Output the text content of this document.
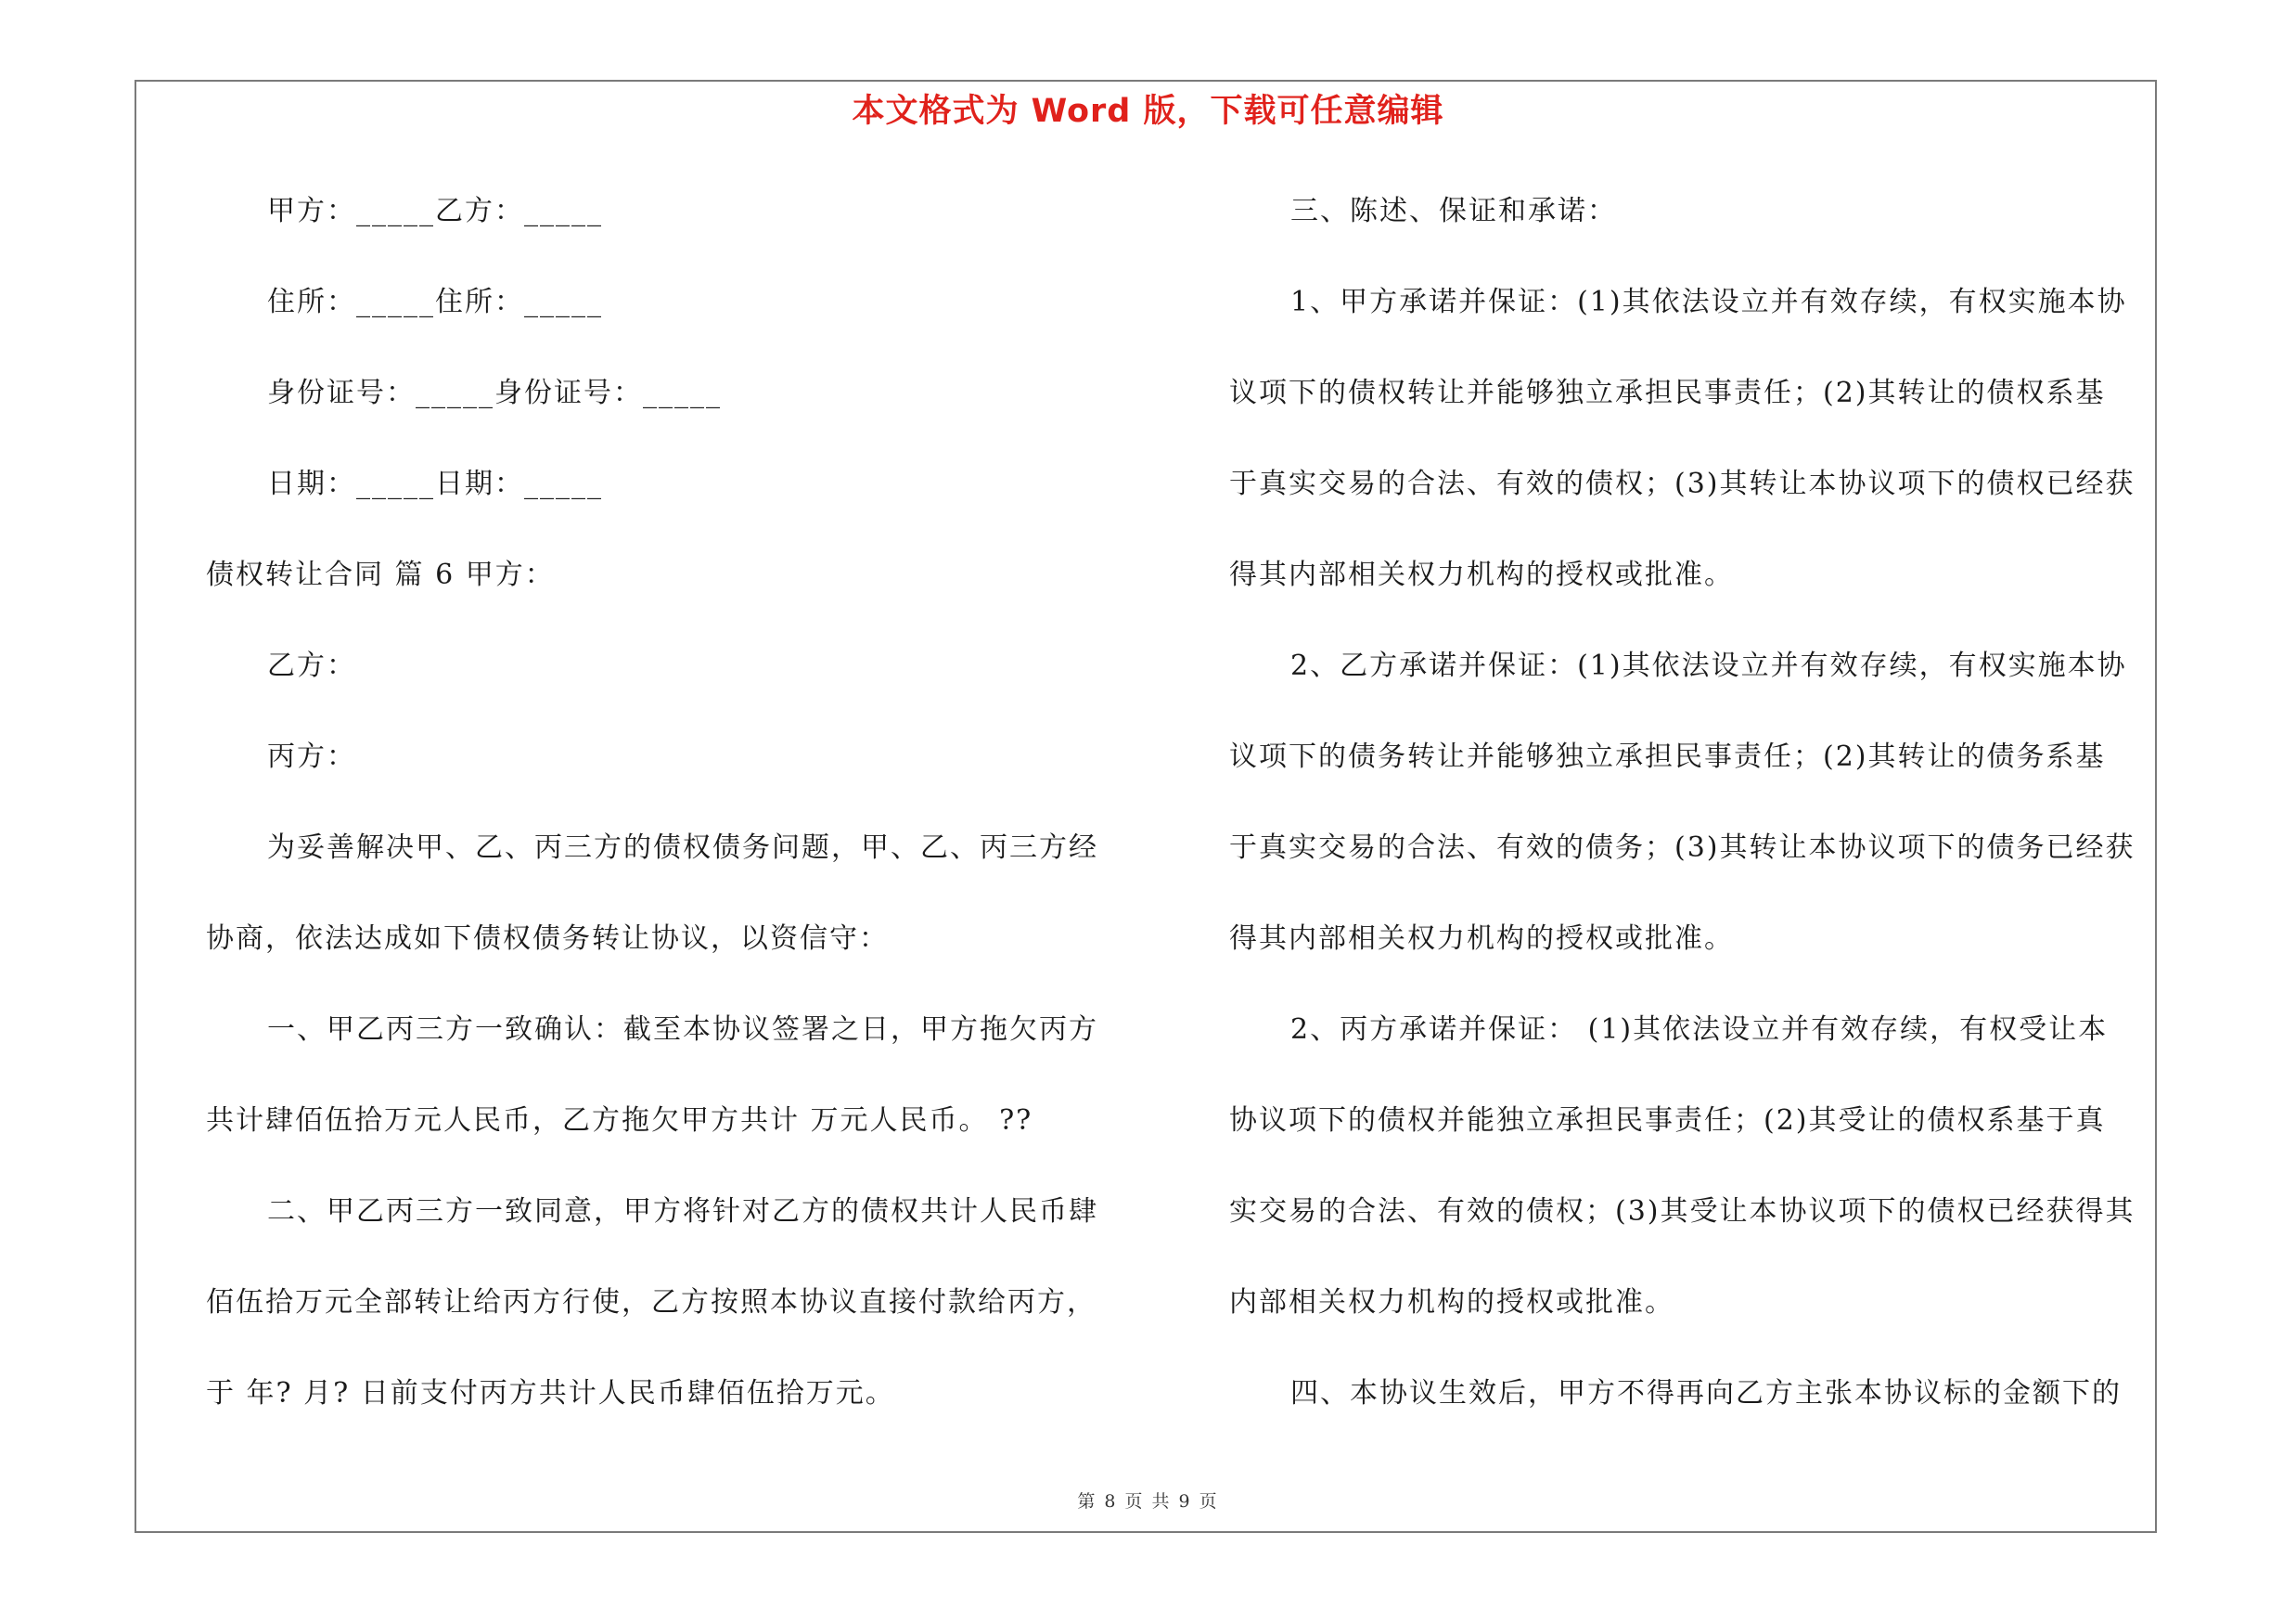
本文格式为 Word 版，下载可任意编辑
甲方：_____乙方：_____
住所：_____住所：_____
身份证号：_____身份证号：_____
日期：_____日期：_____
债权转让合同 篇 6 甲方：
乙方：
丙方：
为妥善解决甲、乙、丙三方的债权债务问题，甲、乙、丙三方经
协商，依法达成如下债权债务转让协议，以资信守：
一、甲乙丙三方一致确认：截至本协议签署之日，甲方拖欠丙方
共计肆佰伍拾万元人民币，乙方拖欠甲方共计 万元人民币。 ??
二、甲乙丙三方一致同意，甲方将针对乙方的债权共计人民币肆
佰伍拾万元全部转让给丙方行使，乙方按照本协议直接付款给丙方，
于 年? 月? 日前支付丙方共计人民币肆佰伍拾万元。
三、陈述、保证和承诺：
1、甲方承诺并保证：(1)其依法设立并有效存续，有权实施本协
议项下的债权转让并能够独立承担民事责任；(2)其转让的债权系基
于真实交易的合法、有效的债权；(3)其转让本协议项下的债权已经获
得其内部相关权力机构的授权或批准。
2、乙方承诺并保证：(1)其依法设立并有效存续，有权实施本协
议项下的债务转让并能够独立承担民事责任；(2)其转让的债务系基
于真实交易的合法、有效的债务；(3)其转让本协议项下的债务已经获
得其内部相关权力机构的授权或批准。
2、丙方承诺并保证： (1)其依法设立并有效存续，有权受让本
协议项下的债权并能独立承担民事责任；(2)其受让的债权系基于真
实交易的合法、有效的债权；(3)其受让本协议项下的债权已经获得其
内部相关权力机构的授权或批准。
四、本协议生效后，甲方不得再向乙方主张本协议标的金额下的
第 8 页 共 9 页
